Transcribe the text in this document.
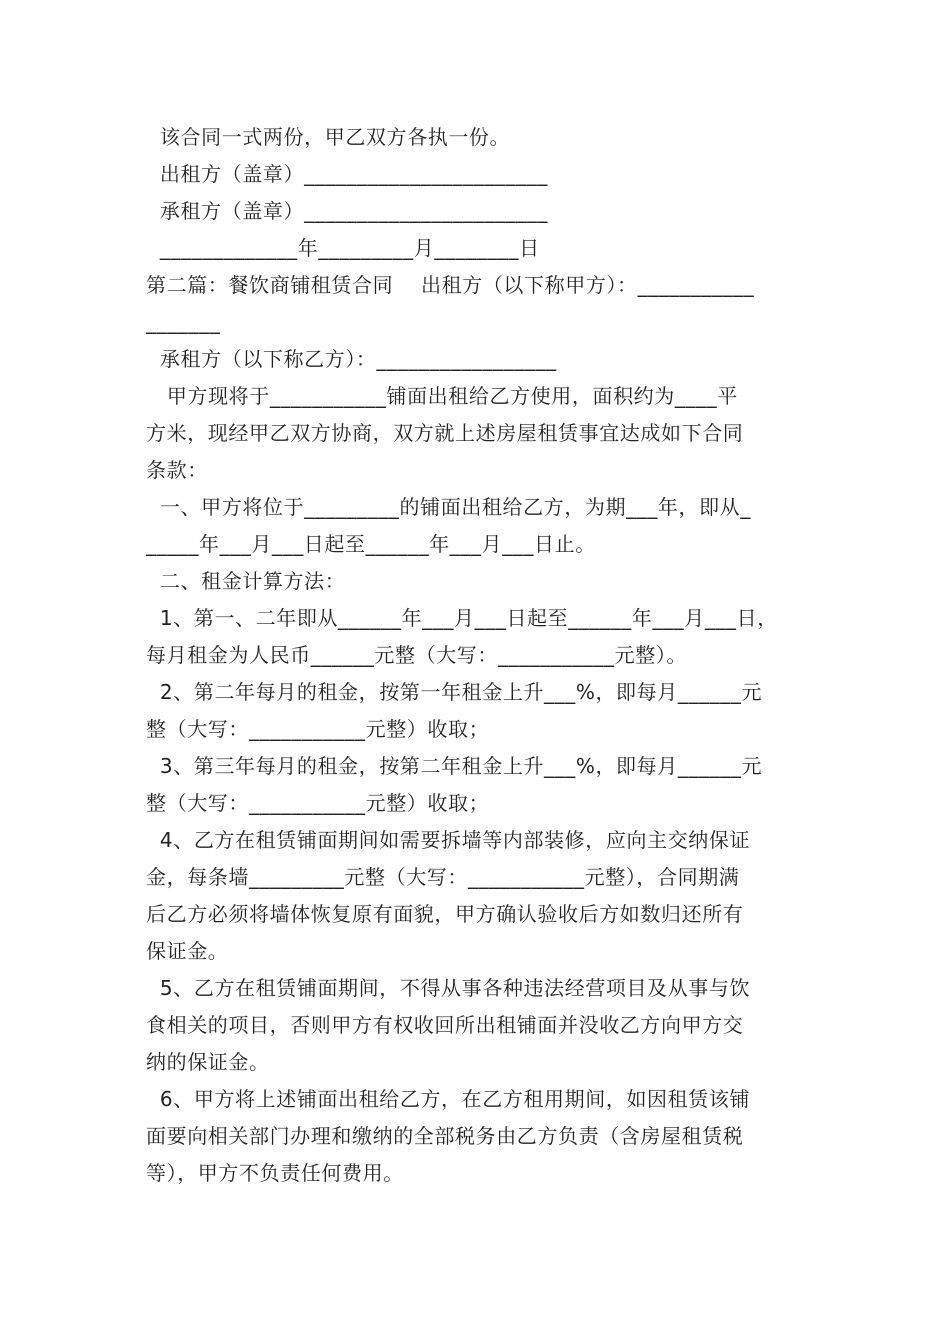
该合同一式两份，甲乙双方各执一份。
出租方（盖章）_______________________
承租方（盖章）_______________________
_____________年_________月________日
第二篇：餐饮商铺租赁合同    出租方（以下称甲方）：___________
_______
承租方（以下称乙方）：_________________
甲方现将于___________铺面出租给乙方使用，面积约为____平
方米，现经甲乙双方协商，双方就上述房屋租赁事宜达成如下合同
条款：
一、甲方将位于_________的铺面出租给乙方，为期___年，即从_
_____年___月___日起至______年___月___日止。
二、租金计算方法：
1、第一、二年即从______年___月___日起至______年___月___日，
每月租金为人民币______元整（大写：___________元整）。
2、第二年每月的租金，按第一年租金上升___%，即每月______元
整（大写：___________元整）收取；
3、第三年每月的租金，按第二年租金上升___%，即每月______元
整（大写：___________元整）收取；
4、乙方在租赁铺面期间如需要拆墙等内部装修，应向主交纳保证
金，每条墙_________元整（大写：___________元整），合同期满
后乙方必须将墙体恢复原有面貌，甲方确认验收后方如数归还所有
保证金。
5、乙方在租赁铺面期间，不得从事各种违法经营项目及从事与饮
食相关的项目，否则甲方有权收回所出租铺面并没收乙方向甲方交
纳的保证金。
6、甲方将上述铺面出租给乙方，在乙方租用期间，如因租赁该铺
面要向相关部门办理和缴纳的全部税务由乙方负责（含房屋租赁税
等），甲方不负责任何费用。
